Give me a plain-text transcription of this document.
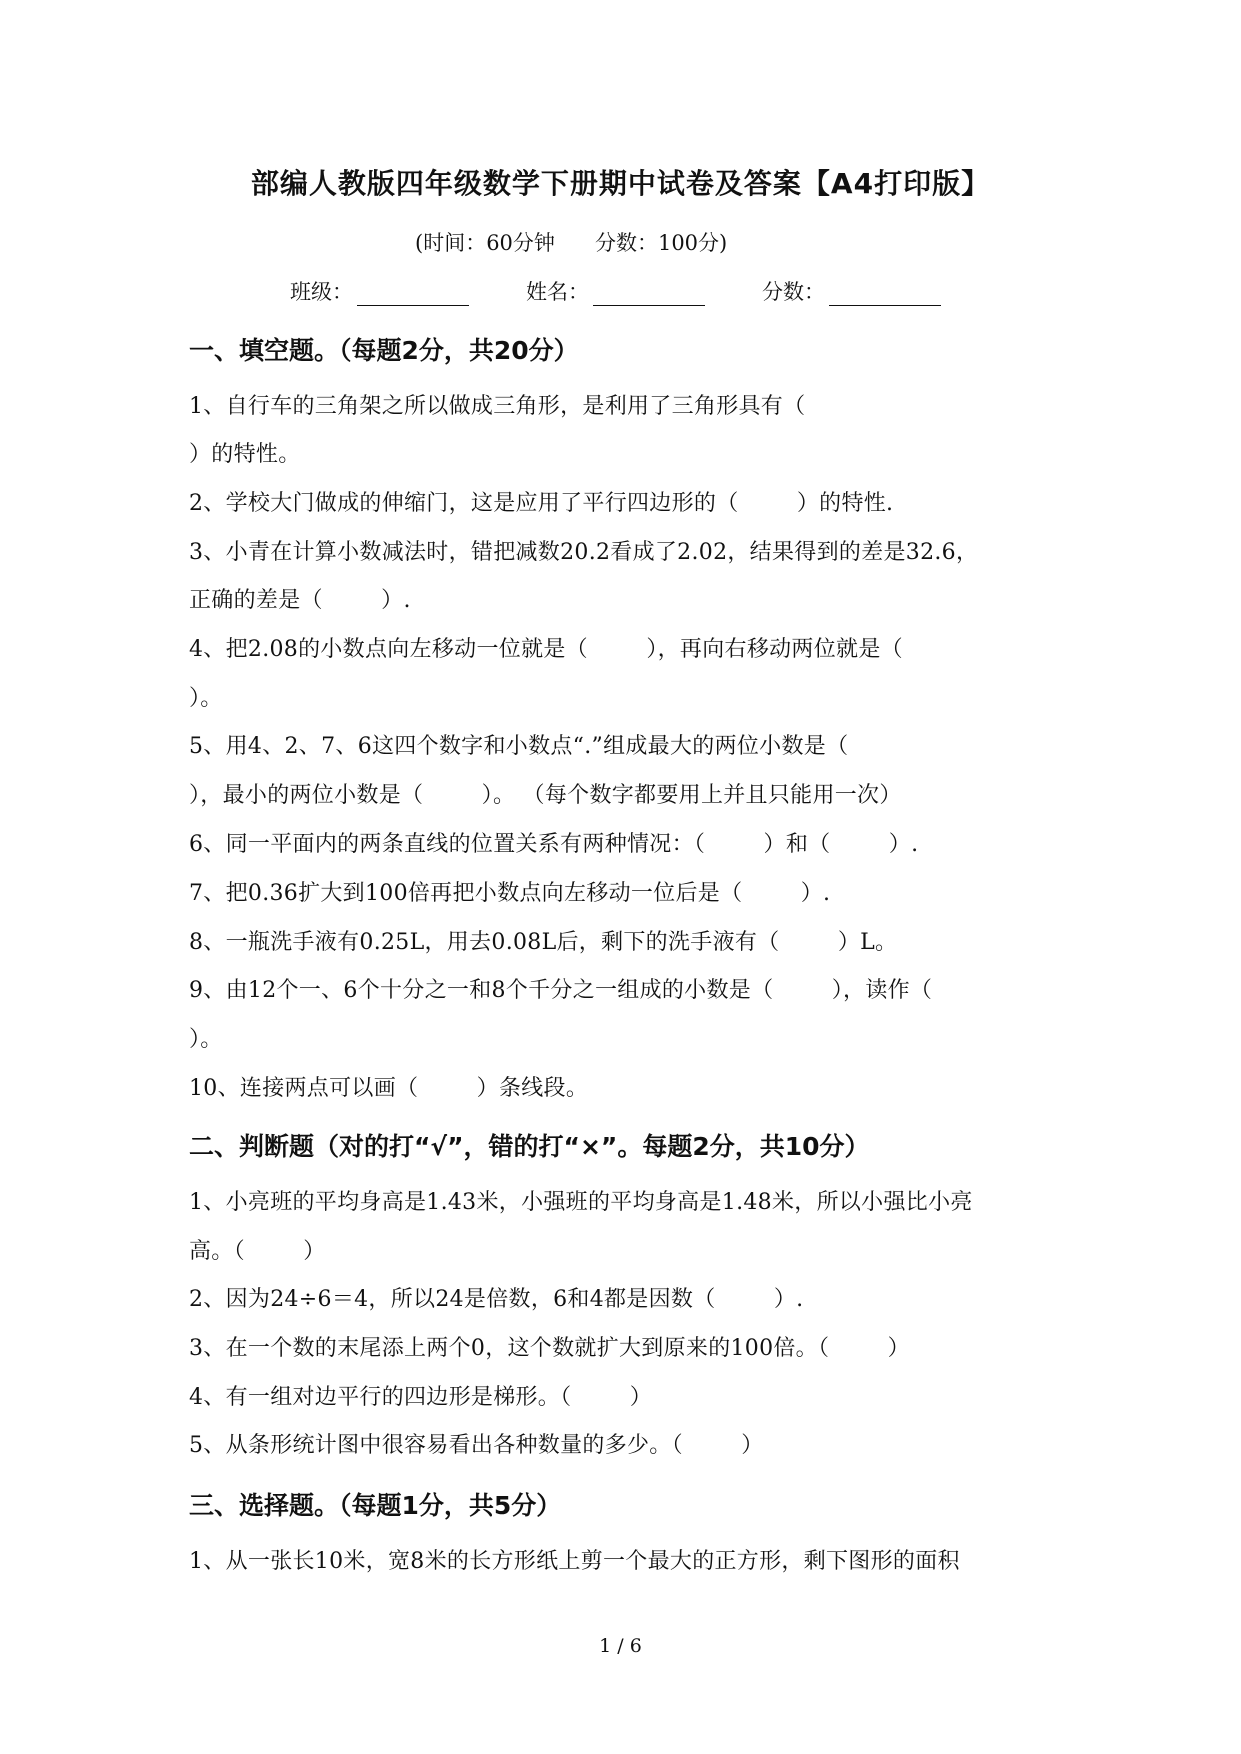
部编人教版四年级数学下册期中试卷及答案【A4打印版】
(时间：60分钟      分数：100分)
班级：	姓名：	分数：
一、填空题。（每题2分，共20分）
1、自行车的三角架之所以做成三角形，是利用了三角形具有（
）的特性。
2、学校大门做成的伸缩门，这是应用了平行四边形的（        ）的特性.
3、小青在计算小数减法时，错把减数20.2看成了2.02，结果得到的差是32.6，
正确的差是（        ）.
4、把2.08的小数点向左移动一位就是（        ），再向右移动两位就是（
）。
5、用4、2、7、6这四个数字和小数点“.”组成最大的两位小数是（
），最小的两位小数是（        ）。 （每个数字都要用上并且只能用一次）
6、同一平面内的两条直线的位置关系有两种情况：（        ）和（        ）.
7、把0.36扩大到100倍再把小数点向左移动一位后是（        ）.
8、一瓶洗手液有0.25L，用去0.08L后，剩下的洗手液有（        ）L。
9、由12个一、6个十分之一和8个千分之一组成的小数是（        ），读作（
）。
10、连接两点可以画（        ）条线段。
二、判断题（对的打“√”，错的打“×”。每题2分，共10分）
1、小亮班的平均身高是1.43米，小强班的平均身高是1.48米，所以小强比小亮
高。（        ）
2、因为24÷6＝4，所以24是倍数，6和4都是因数（        ）.
3、在一个数的末尾添上两个0，这个数就扩大到原来的100倍。（        ）
4、有一组对边平行的四边形是梯形。（        ）
5、从条形统计图中很容易看出各种数量的多少。（        ）
三、选择题。（每题1分，共5分）
1、从一张长10米，宽8米的长方形纸上剪一个最大的正方形，剩下图形的面积
1 / 6
